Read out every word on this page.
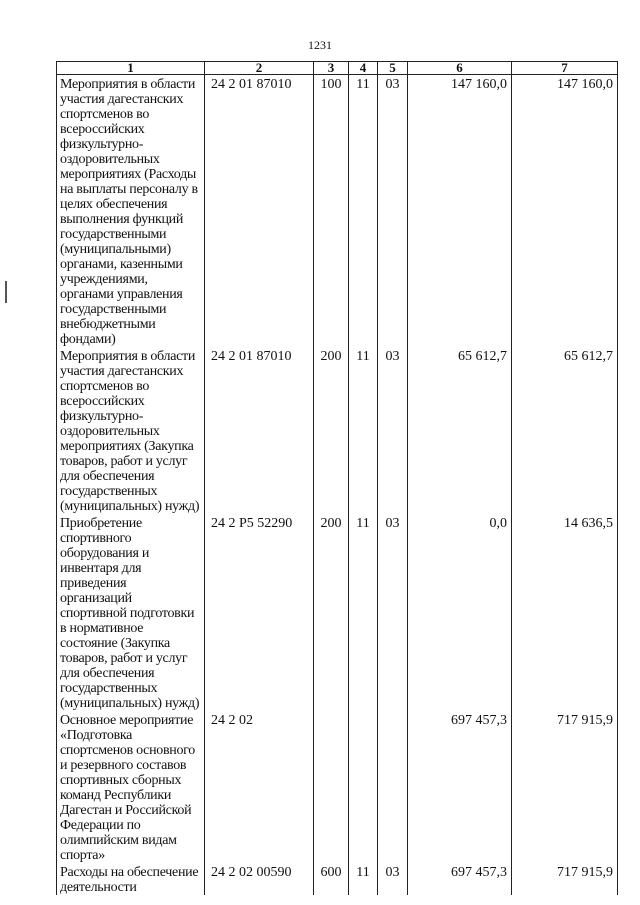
1231
1	2	3	4	5	6	7
Мероприятия в области участия дагестанских спортсменов во всероссийских физкультурно-оздоровительных мероприятиях (Расходы на выплаты персоналу в целях обеспечения выполнения функций государственными (муниципальными) органами, казенными учреждениями, органами управления государственными внебюджетными фондами)	24 2 01 87010	100	11	03	147 160,0	147 160,0
Мероприятия в области участия дагестанских спортсменов во всероссийских физкультурно-оздоровительных мероприятиях (Закупка товаров, работ и услуг для обеспечения государственных (муниципальных) нужд)	24 2 01 87010	200	11	03	65 612,7	65 612,7
Приобретение спортивного оборудования и инвентаря для приведения организаций спортивной подготовки в нормативное состояние (Закупка товаров, работ и услуг для обеспечения государственных (муниципальных) нужд)	24 2 P5 52290	200	11	03	0,0	14 636,5
Основное мероприятие «Подготовка спортсменов основного и резервного составов спортивных сборных команд Республики Дагестан и Российской Федерации по олимпийским видам спорта»	24 2 02				697 457,3	717 915,9
Расходы на обеспечение деятельности	24 2 02 00590	600	11	03	697 457,3	717 915,9
